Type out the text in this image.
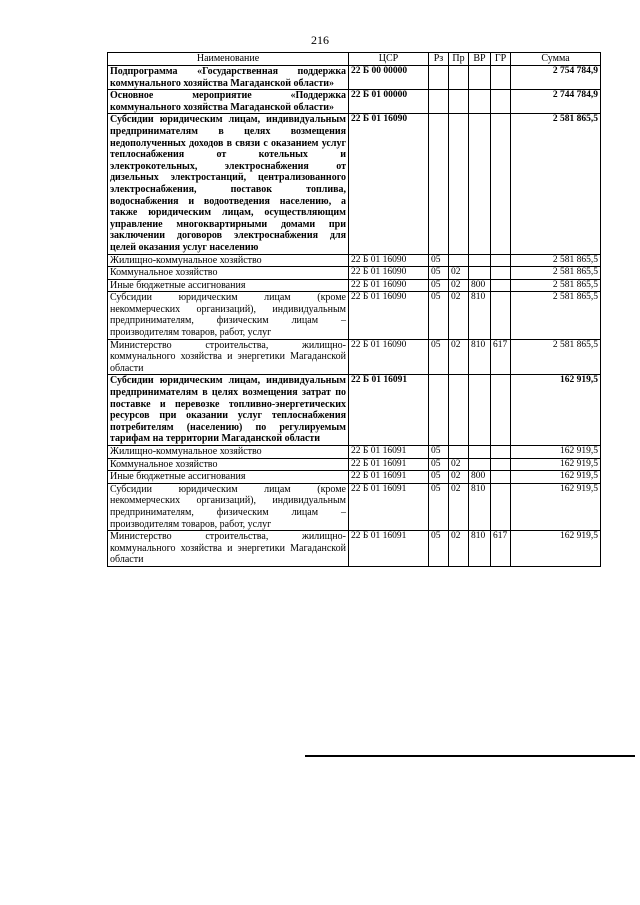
216
Наименование	ЦСР	Рз	Пр	ВР	ГР	Сумма
Подпрограмма «Государственная поддержка коммунального хозяйства Магаданской области»	22 Б 00 00000					2 754 784,9
Основное мероприятие «Поддержка коммунального хозяйства Магаданской области»	22 Б 01 00000					2 744 784,9
Субсидии юридическим лицам, индивидуальным предпринимателям в целях возмещения недополученных доходов в связи с оказанием услуг теплоснабжения от котельных и электрокотельных, электроснабжения от дизельных электростанций, централизованного электроснабжения, поставок топлива, водоснабжения и водоотведения населению, а также юридическим лицам, осуществляющим управление многоквартирными домами при заключении договоров электроснабжения для целей оказания услуг населению	22 Б 01 16090					2 581 865,5
Жилищно-коммунальное хозяйство	22 Б 01 16090	05				2 581 865,5
Коммунальное хозяйство	22 Б 01 16090	05	02			2 581 865,5
Иные бюджетные ассигнования	22 Б 01 16090	05	02	800		2 581 865,5
Субсидии юридическим лицам (кроме некоммерческих организаций), индивидуальным предпринимателям, физическим лицам – производителям товаров, работ, услуг	22 Б 01 16090	05	02	810		2 581 865,5
Министерство строительства, жилищно-коммунального хозяйства и энергетики Магаданской области	22 Б 01 16090	05	02	810	617	2 581 865,5
Субсидии юридическим лицам, индивидуальным предпринимателям в целях возмещения затрат по поставке и перевозке топливно-энергетических ресурсов при оказании услуг теплоснабжения потребителям (населению) по регулируемым тарифам на территории Магаданской области	22 Б 01 16091					162 919,5
Жилищно-коммунальное хозяйство	22 Б 01 16091	05				162 919,5
Коммунальное хозяйство	22 Б 01 16091	05	02			162 919,5
Иные бюджетные ассигнования	22 Б 01 16091	05	02	800		162 919,5
Субсидии юридическим лицам (кроме некоммерческих организаций), индивидуальным предпринимателям, физическим лицам – производителям товаров, работ, услуг	22 Б 01 16091	05	02	810		162 919,5
Министерство строительства, жилищно-коммунального хозяйства и энергетики Магаданской области	22 Б 01 16091	05	02	810	617	162 919,5
